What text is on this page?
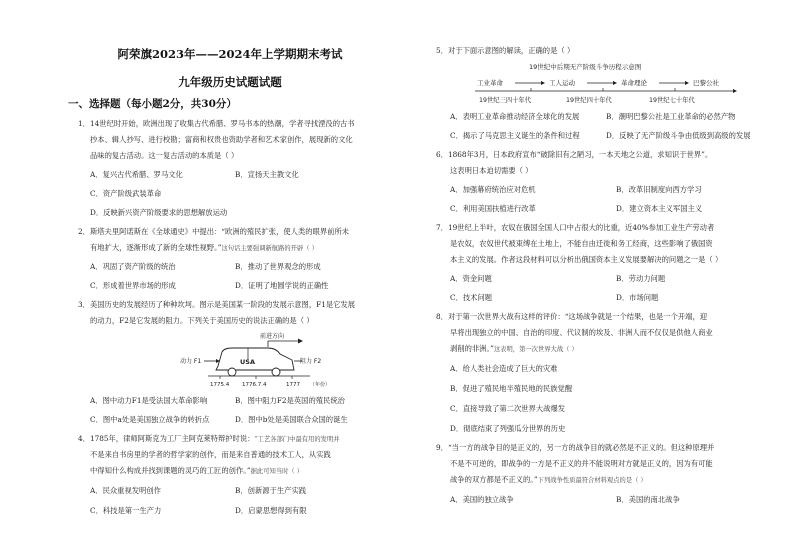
阿荣旗2023年——2024年上学期期末考试
九年级历史试题试题
一、选择题（每小题2分，共30分）
1．14世纪时开始，欧洲出现了收集古代希腊、罗马书本的热潮，学者寻找湮没的古书
抄本、辑人抄写、进行校勘；富商和权贵也资助学者和艺术家创作，展现新的文化
品味的复古活动。这一复古活动的本质是（ ）
A．复兴古代希腊、罗马文化	B．宣扬天主教文化
C．资产阶级武装革命
D．反映新兴资产阶级要求的思想解放运动
2．斯塔夫里阿诺斯在《全球通史》中提出：“欧洲的殖民扩张，使人类的眼界前所未
有地扩大，逐渐形成了新的全球性视野。”这句话主要强调新航路的开辟（ ）
A．巩固了资产阶级的统治	B．推动了世界观念的形成
C．形成着世界市场的形成	D．证明了地圆学说的正确性
3．美国历史的发展经历了种种坎坷。图示是美国某一阶段的发展示意图，F1是它发展
的动力，F2是它发展的阻力。下列关于美国历史的说法正确的是（ ）
前进方向
USA
动力 F1	阻力 F2
1775.4 1776.7.4	1777 （年份）
A．图中动力F1是受法国大革命影响	B．图中阻力F2是英国的殖民统治
C．图中a处是美国独立战争的转折点	D．图中b处是美国联合众国的诞生
4．1785年，律师阿斯克为工厂主阿克莱特辩护时说：“工艺各部门中最有用的发明并
不是来自书房里的学者的哲学家的创作，而是来自普通的技术工人，从实践
中得知什么构成并找到课题的灵巧的工匠的创作。”据此可知当时（ ）
A．民众重视发明创作	B．创新源于生产实践
C．科技是第一生产力	D．启蒙思想得到有限
5．对于下面示意图的解读，正确的是（ ）
19世纪中后期无产阶级斗争历程示意图
工业革命	工人运动	革命理论	巴黎公社
19世纪三四十年代	19世纪四十年代	19世纪七十年代
A．表明工业革命推动经济全球化的发展	B．潮明巴黎公社是工业革命的必然产物
C．揭示了马克思主义诞生的条件和过程	D．反映了无产阶级斗争由低级到高级的发展
6．1868年3月，日本政府宣布“破除旧有之陋习，一本天地之公道，求知识于世界”。
这表明日本迫切需要（ ）
A．加强幕府统治应对危机	B．改革旧制度向西方学习
C．利用美国扶植进行改革	D．建立资本主义军国主义
7．19世纪上半叶，农奴在俄国全国人口中占很大的比重，近40%参加工业生产劳动者
是农奴，农奴世代被束缚在土地上，不能自由迁徙和务工经商，这些影响了俄国资
本主义的发展。作者这段材料可以分析出俄国资本主义发展要解决的问题之一是（ ）
A．资金问题	B．劳动力问题
C．技术问题	D．市场问题
8．对于第一次世界大战有这样的评价：“这场战争就是一个结果，也是一个开端，迎
早将出现独立的中国、自治的印度、代议制的埃及、非洲人而不仅仅是供他人商业
剥削的非洲。”这表明，第一次世界大战（ ）
A．给人类社会造成了巨大的灾难
B．促进了殖民地半殖民地的民族觉醒
C．直接导致了第二次世界大战爆发
D．彻底结束了列强瓜分世界的历史
9．“当一方的战争目的是正义的，另一方的战争目的就必然是不正义的。但这种原理并
不是不可逆的，即战争的一方是不正义的并不能说明对方就是正义的，因为有可能
战争的双方都是不正义的。”下列战争性质最符合材料观点的是（ ）
A．美国的独立战争	B．美国的南北战争
